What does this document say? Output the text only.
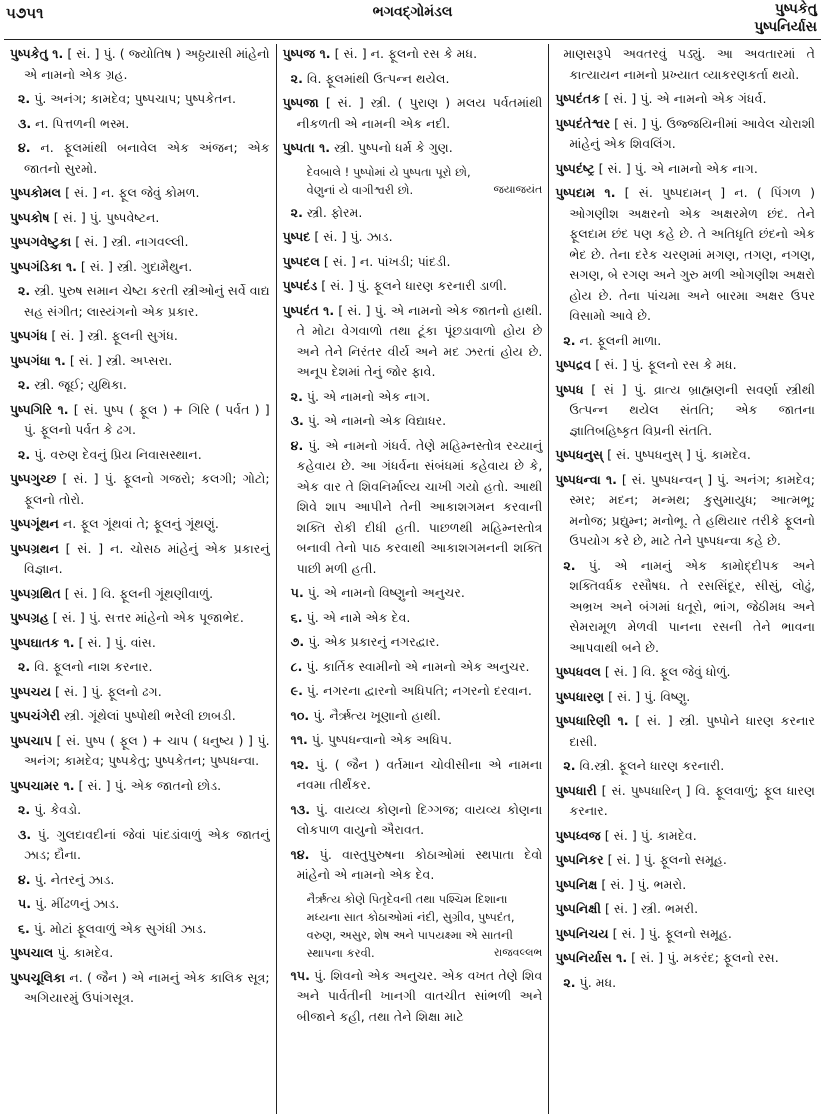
૫૭૫૧	ભગવદ્ગોમંડલ	પુષ્પકેતુ
પુષ્પનિર્યાસ
પુષ્પકેતુ ૧. [ સં. ] પું. ( જ્યોતિષ ) અઠ્ઠયાસી માંહેનો એ નામનો એક ગ્રહ.
૨. પું. અનંગ; કામદેવ; પુષ્પચાપ; પુષ્પકેતન.
૩. ન. પિત્તળની ભસ્મ.
૪. ન. ફૂલમાંથી બનાવેલ એક અંજન; એક જાતનો સુરમો.
પુષ્પકોમલ [ સં. ] ન. ફૂલ જેવું કોમળ.
પુષ્પકોષ [ સં. ] પું. પુષ્પવેષ્ટન.
પુષ્પગવેષ્ટુકા [ સં. ] સ્ત્રી. નાગવલ્લી.
પુષ્પગંડિકા ૧. [ સં. ] સ્ત્રી. ગુદામૈથુન.
૨. સ્ત્રી. પુરુષ સમાન ચેષ્ટા કરતી સ્ત્રીઓનું સર્વે વાદ્ય સહ સંગીત; લાસ્યંગનો એક પ્રકાર.
પુષ્પગંધ [ સં. ] સ્ત્રી. ફૂલની સુગંધ.
પુષ્પગંધા ૧. [ સં. ] સ્ત્રી. અપ્સરા.
૨. સ્ત્રી. જૂઈ; યુથિકા.
પુષ્પગિરિ ૧. [ સં. પુષ્પ ( ફૂલ ) + ગિરિ ( પર્વત ) ] પું. ફૂલનો પર્વત કે ઢગ.
૨. પું. વરુણ દેવનું પ્રિય નિવાસસ્થાન.
પુષ્પગુચ્છ [ સં. ] પું. ફૂલનો ગજરો; કલગી; ગોટો; ફૂલનો તોરો.
પુષ્પગૂંથન ન. ફૂલ ગૂંથવાં તે; ફૂલનું ગૂંથણું.
પુષ્પગ્રથન [ સં. ] ન. ચોસઠ માંહેનું એક પ્રકારનું વિજ્ઞાન.
પુષ્પગ્રથિત [ સં. ] વિ. ફૂલની ગૂંથણીવાળું.
પુષ્પગ્રહ [ સં. ] પું. સત્તર માંહેનો એક પૂજાભેદ.
પુષ્પઘાતક ૧. [ સં. ] પું. વાંસ.
૨. વિ. ફૂલનો નાશ કરનાર.
પુષ્પચય [ સં. ] પું. ફૂલનો ઢગ.
પુષ્પચંગેરી સ્ત્રી. ગૂંથેલાં પુષ્પોથી ભરેલી છાબડી.
પુષ્પચાપ [ સં. પુષ્પ ( ફૂલ ) + ચાપ ( ધનુષ્ય ) ] પું. અનંગ; કામદેવ; પુષ્પકેતુ; પુષ્પકેતન; પુષ્પધન્વા.
પુષ્પચામર ૧. [ સં. ] પું. એક જાતનો છોડ.
૨. પું. કેવડો.
૩. પું. ગુલદાવદીનાં જેવાં પાંદડાંવાળું એક જાતનું ઝાડ; દૌના.
૪. પું. નેતરનું ઝાડ.
૫. પું. મીંઢળનું ઝાડ.
૬. પું. મોટાં ફૂલવાળું એક સુગંધી ઝાડ.
પુષ્પચાલ પું. કામદેવ.
પુષ્પચૂલિકા ન. ( જૈન ) એ નામનું એક કાલિક સૂત્ર; અગિયારમું ઉપાંગસૂત્ર.
પુષ્પજ ૧. [ સં. ] ન. ફૂલનો રસ કે મધ.
૨. વિ. ફૂલમાંથી ઉત્પન્ન થયેલ.
પુષ્પજા [ સં. ] સ્ત્રી. ( પુરાણ ) મલય પર્વતમાંથી નીકળતી એ નામની એક નદી.
પુષ્પતા ૧. સ્ત્રી. પુષ્પનો ધર્મ કે ગુણ.
દેવબાલે ! પુષ્પોમાં યે પુષ્પતા પૂરો છો,
વેણુનાં યે વાગીશ્વરી છો.	જયાજયંત
૨. સ્ત્રી. ફોરમ.
પુષ્પદ [ સં. ] પું. ઝાડ.
પુષ્પદલ [ સં. ] ન. પાંખડી; પાંદડી.
પુષ્પદંડ [ સં. ] પું. ફૂલને ધારણ કરનારી ડાળી.
પુષ્પદંત ૧. [ સં. ] પું. એ નામનો એક જાતનો હાથી. તે મોટા વેગવાળો તથા ટૂંકા પૂંછડાવાળો હોય છે અને તેને નિરંતર વીર્ય અને મદ ઝરતાં હોય છે. અનૂપ દેશમાં તેનું જોર ફાવે.
૨. પું. એ નામનો એક નાગ.
૩. પું. એ નામનો એક વિદ્યાધર.
૪. પું. એ નામનો ગંધર્વ. તેણે મહિમ્નસ્તોત્ર રચ્યાનું કહેવાય છે. આ ગંધર્વના સંબંધમાં કહેવાય છે કે, એક વાર તે શિવનિર્માલ્ય ચાખી ગયો હતો. આથી શિવે શાપ આપીને તેની આકાશગમન કરવાની શક્તિ રોકી દીધી હતી. પાછળથી મહિમ્નસ્તોત્ર બનાવી તેનો પાઠ કરવાથી આકાશગમનની શક્તિ પાછી મળી હતી.
૫. પું. એ નામનો વિષ્ણુનો અનુચર.
૬. પું. એ નામે એક દેવ.
૭. પું. એક પ્રકારનું નગરદ્વાર.
૮. પું. કાર્તિક સ્વામીનો એ નામનો એક અનુચર.
૯. પું. નગરના દ્વારનો અધિપતિ; નગરનો દરવાન.
૧૦. પું. નૈર્ઋત્ય ખૂણાનો હાથી.
૧૧. પું. પુષ્પધન્વાનો એક અધિપ.
૧૨. પું. ( જૈન ) વર્તમાન ચોવીસીના એ નામના નવમા તીર્થંકર.
૧૩. પું. વાયવ્ય કોણનો દિગ્ગજ; વાયવ્ય કોણના લોકપાળ વાયુનો ઐરાવત.
૧૪. પું. વાસ્તુપુરુષના કોઠાઓમાં સ્થપાતા દેવો માંહેનો એ નામનો એક દેવ.
નૈર્ઋત્ય કોણે પિતૃદેવની તથા પશ્ચિમ દિશાના મધ્યના સાત કોઠાઓમાં નંદી, સુગ્રીવ, પુષ્પદંત, વરુણ, અસુર, શેષ અને પાપયક્ષ્મા એ સાતની સ્થાપના કરવી.	રાજવલ્લભ
૧૫. પું. શિવનો એક અનુચર. એક વખત તેણે શિવ અને પાર્વતીની ખાનગી વાતચીત સાંભળી અને બીજાને કહી, તથા તેને શિક્ષા માટે
માણસરૂપે અવતરવું પડ્યું. આ અવતારમાં તે કાત્યાયન નામનો પ્રખ્યાત વ્યાકરણકર્તા થયો.
પુષ્પદંતક [ સં. ] પું. એ નામનો એક ગંધર્વ.
પુષ્પદંતેશ્વર [ સં. ] પું. ઉજ્જયિનીમાં આવેલ ચોરાશી માંહેનું એક શિવલિંગ.
પુષ્પદંષ્ટ્ર [ સં. ] પું. એ નામનો એક નાગ.
પુષ્પદામ ૧. [ સં. પુષ્પદામન્ ] ન. ( પિંગળ ) ઓગણીશ અક્ષરનો એક અક્ષરમેળ છંદ. તેને ફૂલદામ છંદ પણ કહે છે. તે અતિધૃતિ છંદનો એક ભેદ છે. તેના દરેક ચરણમાં મગણ, તગણ, નગણ, સગણ, બે રગણ અને ગુરુ મળી ઓગણીશ અક્ષરો હોય છે. તેના પાંચમા અને બારમા અક્ષર ઉપર વિસામો આવે છે.
૨. ન. ફૂલની માળા.
પુષ્પદ્રવ [ સં. ] પું. ફૂલનો રસ કે મધ.
પુષ્પધ [ સં ] પું. વ્રાત્ય બ્રાહ્મણની સવર્ણા સ્ત્રીથી ઉત્પન્ન થયેલ સંતતિ; એક જાતના જ્ઞાતિબહિષ્કૃત વિપ્રની સંતતિ.
પુષ્પધનુસ્ [ સં. પુષ્પધનુસ્ ] પું. કામદેવ.
પુષ્પધન્વા ૧. [ સં. પુષ્પધન્વન્ ] પું. અનંગ; કામદેવ; સ્મર; મદન; મન્મથ; કુસુમાયુધ; આત્મભૂ; મનોજ; પ્રદ્યુમ્ન; મનોભૂ. તે હથિયાર તરીકે ફૂલનો ઉપયોગ કરે છે, માટે તેને પુષ્પધન્વા કહે છે.
૨. પું. એ નામનું એક કામોદ્દીપક અને શક્તિવર્ધક રસૌષધ. તે રસસિંદૂર, સીસું, લોઢું, અભ્રખ અને બંગમાં ધતૂરો, ભાંગ, જેઠીમધ અને સેમરામૂળ મેળવી પાનના રસની તેને ભાવના આપવાથી બને છે.
પુષ્પધવલ [ સં. ] વિ. ફૂલ જેવું ધોળું.
પુષ્પધારણ [ સં. ] પું. વિષ્ણુ.
પુષ્પધારિણી ૧. [ સં. ] સ્ત્રી. પુષ્પોને ધારણ કરનાર દાસી.
૨. વિ.સ્ત્રી. ફૂલને ધારણ કરનારી.
પુષ્પધારી [ સં. પુષ્પધારિન્ ] વિ. ફૂલવાળું; ફૂલ ધારણ કરનાર.
પુષ્પધ્વજ [ સં. ] પું. કામદેવ.
પુષ્પનિકર [ સં. ] પું. ફૂલનો સમૂહ.
પુષ્પનિક્ષ [ સં. ] પું. ભમરો.
પુષ્પનિક્ષી [ સં. ] સ્ત્રી. ભમરી.
પુષ્પનિચય [ સં. ] પું. ફૂલનો સમૂહ.
પુષ્પનિર્યાસ ૧. [ સં. ] પું. મકરંદ; ફૂલનો રસ.
૨. પું. મધ.
